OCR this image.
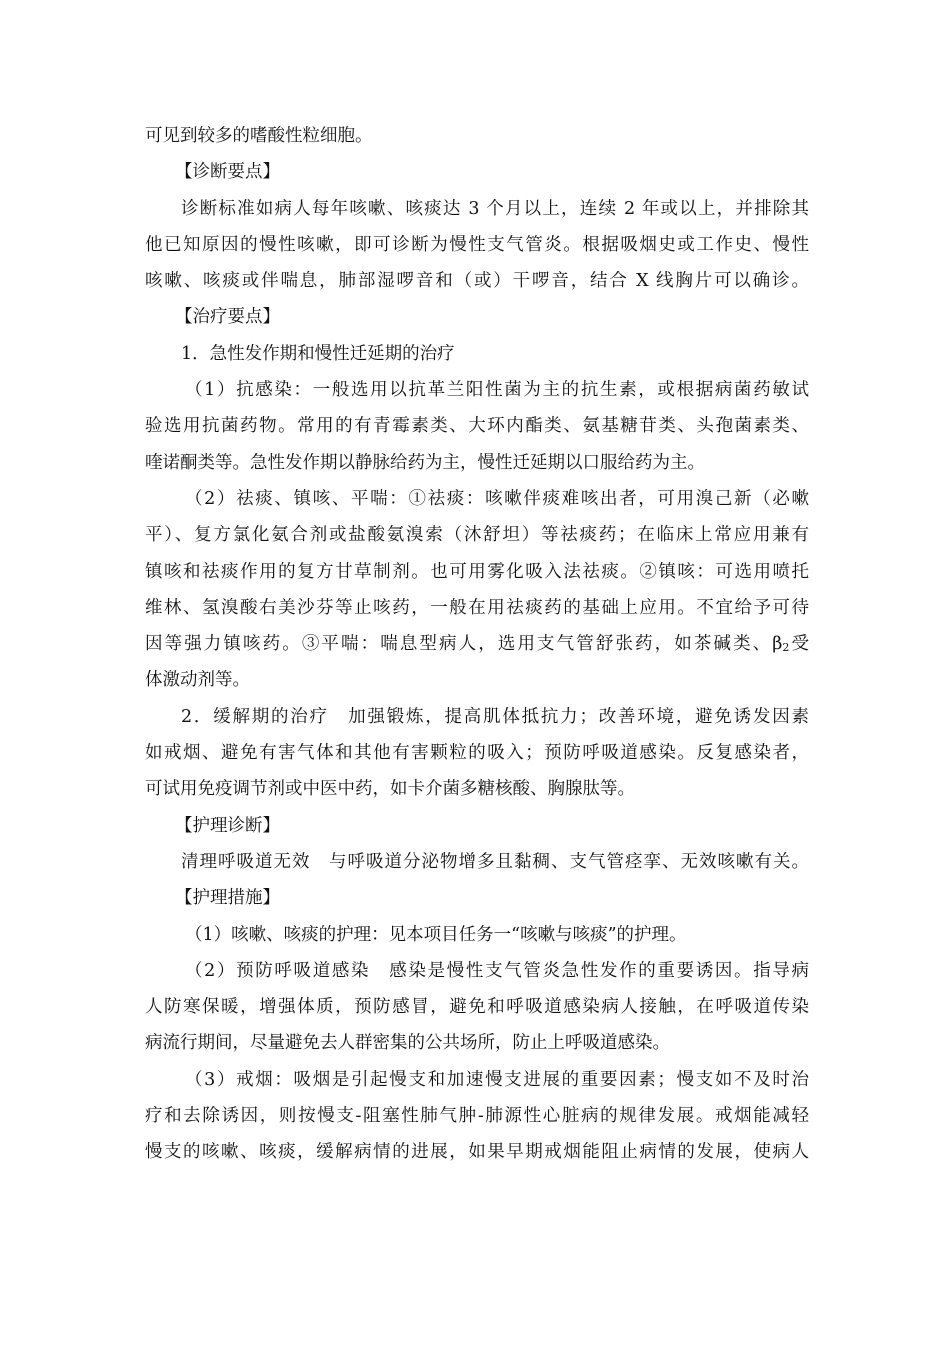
可见到较多的嗜酸性粒细胞。
【诊断要点】
诊断标准如病人每年咳嗽、咳痰达 3 个月以上，连续 2 年或以上，并排除其
他已知原因的慢性咳嗽，即可诊断为慢性支气管炎。根据吸烟史或工作史、慢性
咳嗽、咳痰或伴喘息，肺部湿啰音和（或）干啰音，结合 X 线胸片可以确诊。
【治疗要点】
1．急性发作期和慢性迁延期的治疗
（1）抗感染：一般选用以抗革兰阳性菌为主的抗生素，或根据病菌药敏试
验选用抗菌药物。常用的有青霉素类、大环内酯类、氨基糖苷类、头孢菌素类、
喹诺酮类等。急性发作期以静脉给药为主，慢性迁延期以口服给药为主。
（2）祛痰、镇咳、平喘：①祛痰：咳嗽伴痰难咳出者，可用溴己新（必嗽
平）、复方氯化氨合剂或盐酸氨溴索（沐舒坦）等祛痰药；在临床上常应用兼有
镇咳和祛痰作用的复方甘草制剂。也可用雾化吸入法祛痰。②镇咳：可选用喷托
维林、氢溴酸右美沙芬等止咳药，一般在用祛痰药的基础上应用。不宜给予可待
因等强力镇咳药。③平喘：喘息型病人，选用支气管舒张药，如茶碱类、β2受
体激动剂等。
2．缓解期的治疗　加强锻炼，提高肌体抵抗力；改善环境，避免诱发因素
如戒烟、避免有害气体和其他有害颗粒的吸入；预防呼吸道感染。反复感染者，
可试用免疫调节剂或中医中药，如卡介菌多糖核酸、胸腺肽等。
【护理诊断】
清理呼吸道无效　与呼吸道分泌物增多且黏稠、支气管痉挛、无效咳嗽有关。
【护理措施】
（1）咳嗽、咳痰的护理：见本项目任务一“咳嗽与咳痰”的护理。
（2）预防呼吸道感染　感染是慢性支气管炎急性发作的重要诱因。指导病
人防寒保暖，增强体质，预防感冒，避免和呼吸道感染病人接触，在呼吸道传染
病流行期间，尽量避免去人群密集的公共场所，防止上呼吸道感染。
（3）戒烟：吸烟是引起慢支和加速慢支进展的重要因素；慢支如不及时治
疗和去除诱因，则按慢支-阻塞性肺气肿-肺源性心脏病的规律发展。戒烟能减轻
慢支的咳嗽、咳痰，缓解病情的进展，如果早期戒烟能阻止病情的发展，使病人
